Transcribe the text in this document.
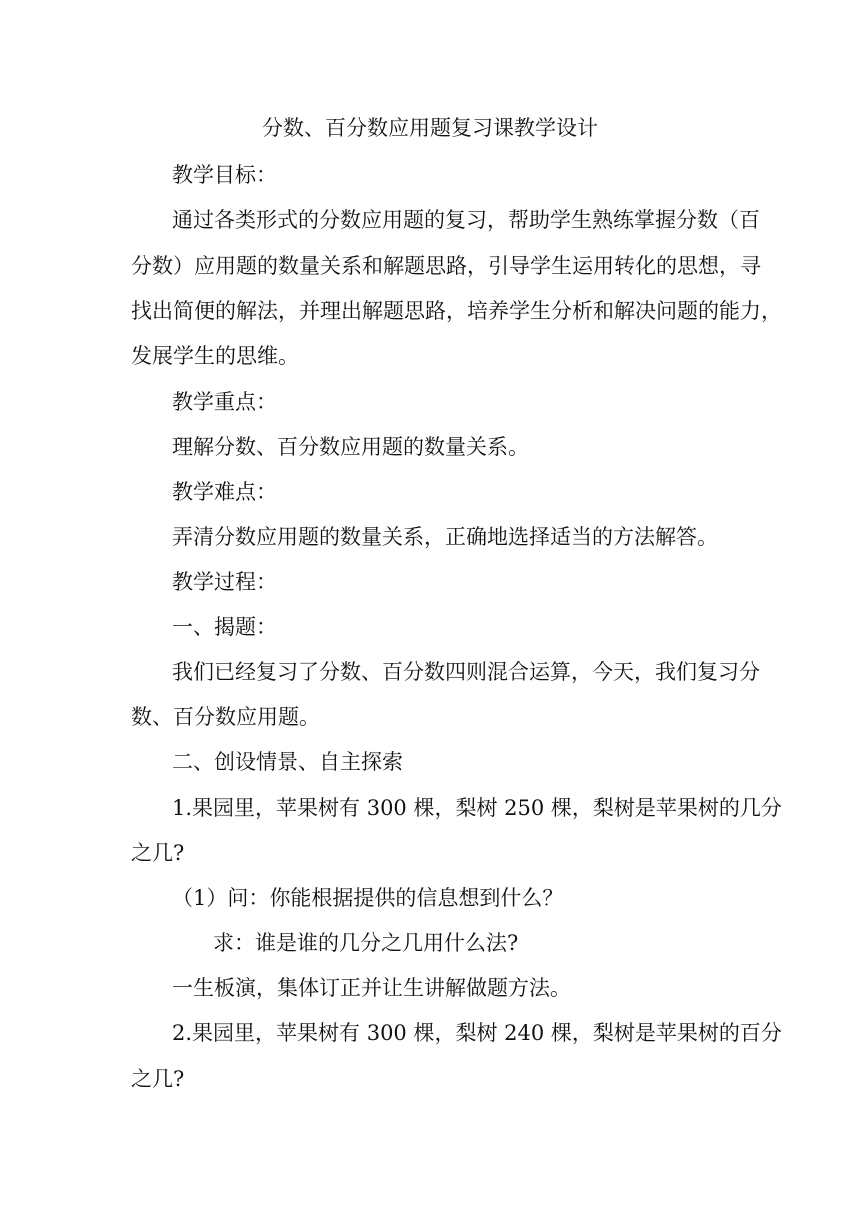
分数、百分数应用题复习课教学设计
教学目标：
通过各类形式的分数应用题的复习，帮助学生熟练掌握分数（百
分数）应用题的数量关系和解题思路，引导学生运用转化的思想，寻
找出简便的解法，并理出解题思路，培养学生分析和解决问题的能力，
发展学生的思维。
教学重点：
理解分数、百分数应用题的数量关系。
教学难点：
弄清分数应用题的数量关系，正确地选择适当的方法解答。
教学过程：
一、揭题：
我们已经复习了分数、百分数四则混合运算，今天，我们复习分
数、百分数应用题。
二、创设情景、自主探索
1.果园里，苹果树有 300 棵，梨树 250 棵，梨树是苹果树的几分
之几?
（1）问：你能根据提供的信息想到什么？
求：谁是谁的几分之几用什么法?
一生板演，集体订正并让生讲解做题方法。
2.果园里，苹果树有 300 棵，梨树 240 棵，梨树是苹果树的百分
之几?
